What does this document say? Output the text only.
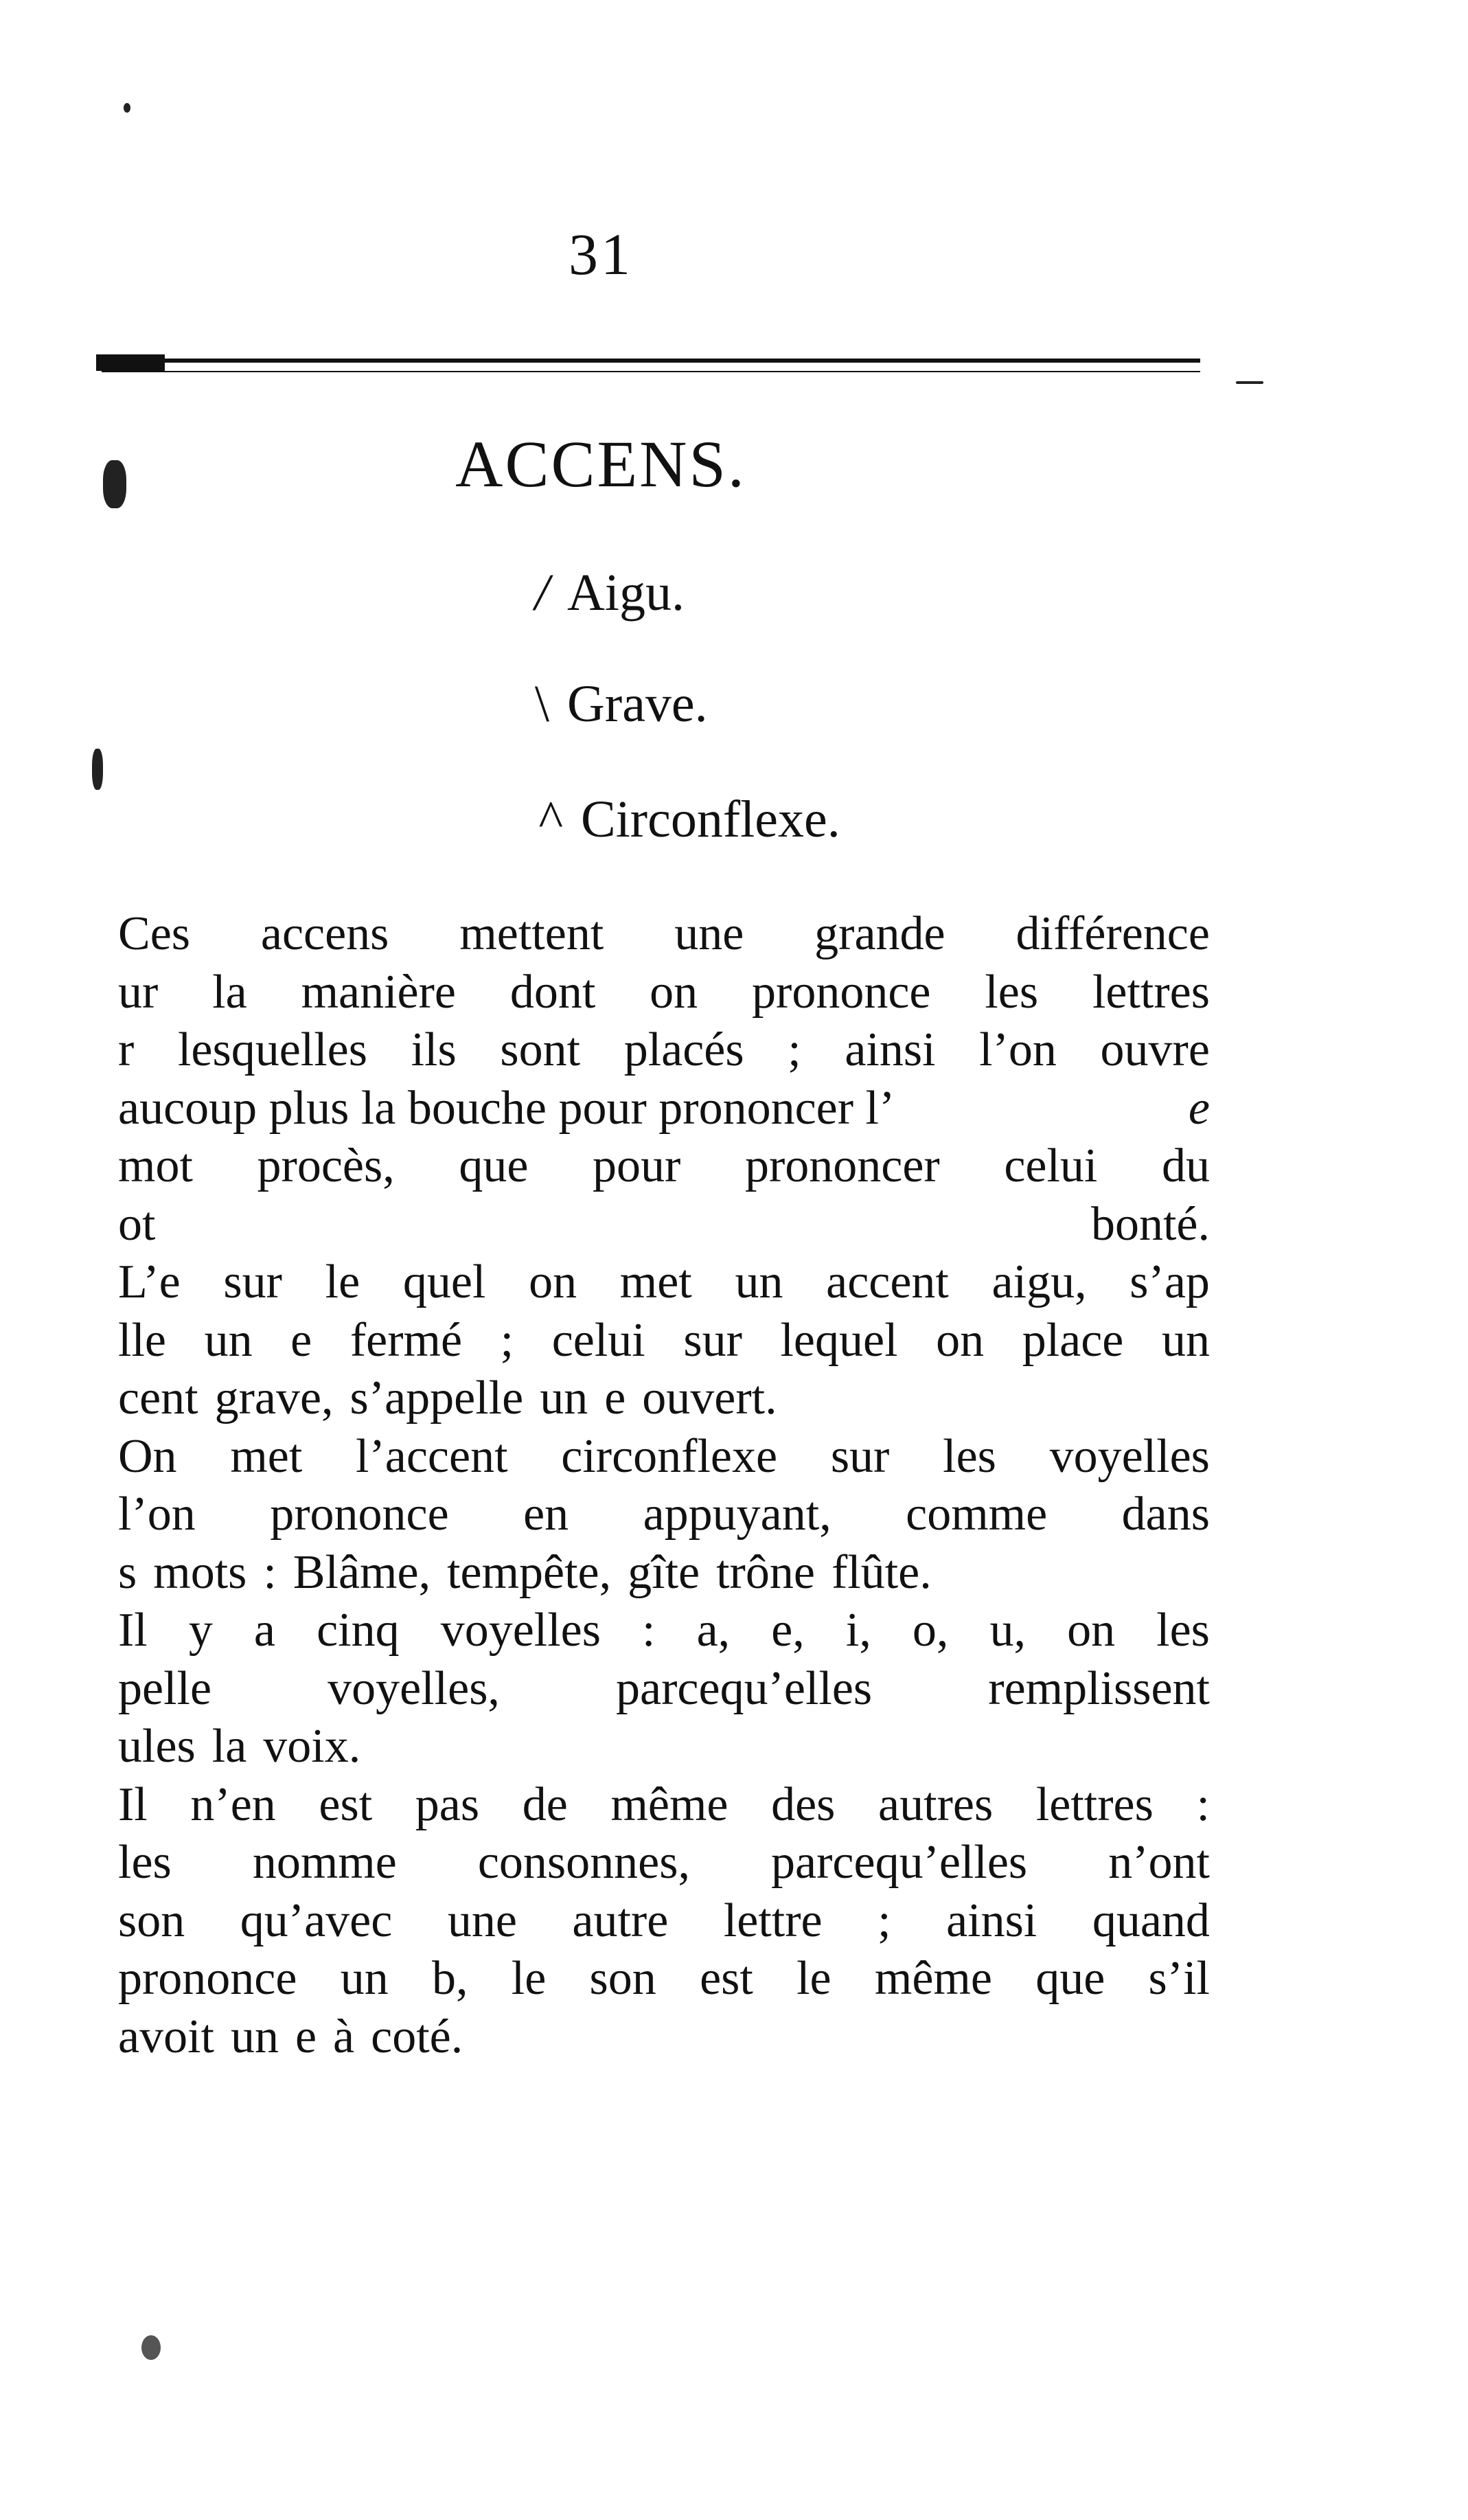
31
ACCENS.
/ Aigu.
\ Grave.
^ Circonflexe.
Ces accens mettent une grande différence
ur la manière dont on prononce les lettres
r lesquelles ils sont placés ; ainsi l’on ouvre
aucoup plus la bouche pour prononcer l’	e
mot procès, que pour prononcer celui du
ot	bonté.
L’e sur le quel on met un accent aigu, s’ap
lle un e fermé ; celui sur lequel on place un
cent grave, s’appelle un e ouvert.
On met l’accent circonflexe sur les voyelles
l’on prononce en appuyant, comme dans
s mots : Blâme, tempête, gîte trône flûte.
Il y a cinq voyelles : a, e, i, o, u, on les
pelle voyelles, parcequ’elles remplissent
ules la voix.
Il n’en est pas de même des autres lettres :
les nomme consonnes, parcequ’elles n’ont
son qu’avec une autre lettre ; ainsi quand
prononce un b, le son est le même que s’il
avoit un e à coté.
